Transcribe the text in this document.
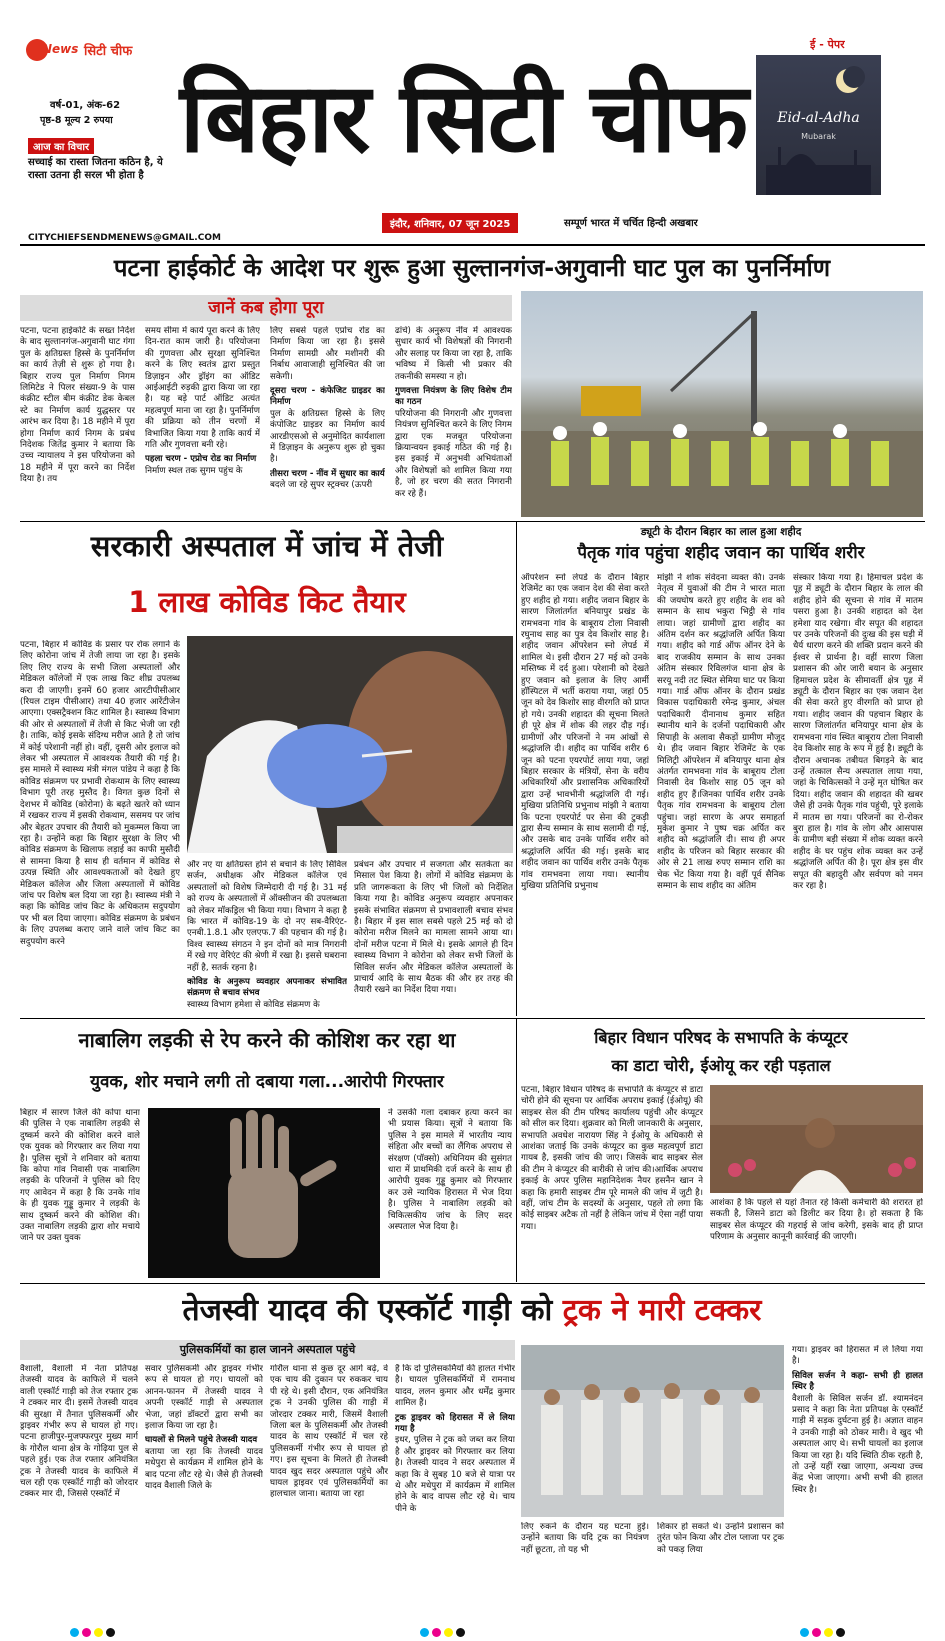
News सिटी चीफ
वर्ष-01, अंक-62
पृष्ठ-8 मूल्य 2 रुपया
आज का विचार
सच्चाई का रास्ता जितना कठिन है, ये रास्ता उतना ही सरल भी होता है
CITYCHIEFSENDMENEWS@GMAIL.COM
बिहार सिटी चीफ
इंदौर, शनिवार, 07 जून 2025	सम्पूर्ण भारत में चर्चित हिन्दी अखबार
ई - पेपर
Eid-al-Adha
Mubarak
पटना हाईकोर्ट के आदेश पर शुरू हुआ सुल्तानगंज-अगुवानी घाट पुल का पुनर्निर्माण
जानें कब होगा पूरा
पटना, पटना हाईकोर्ट के सख्त निर्देश के बाद सुल्तानगंज-अगुवानी घाट गंगा पुल के क्षतिग्रस्त हिस्से के पुनर्निर्माण का कार्य तेज़ी से शुरू हो गया है। बिहार राज्य पुल निर्माण निगम लिमिटेड ने पिलर संख्या-9 के पास कंक्रीट स्टील बीम कंक्रीट डेक केबल स्टे का निर्माण कार्य युद्धस्तर पर आरंभ कर दिया है। 18 महीने में पूरा होगा निर्माण कार्य निगम के प्रबंध निदेशक जितेंद्र कुमार ने बताया कि उच्च न्यायालय ने इस परियोजना को 18 महीने में पूरा करने का निर्देश दिया है। तय
समय सीमा में कार्य पूरा करने के लिए दिन-रात काम जारी है। परियोजना की गुणवत्ता और सुरक्षा सुनिश्चित करने के लिए स्वतंत्र द्वारा प्रस्तुत डिज़ाइन और ड्रॉइंग का ऑडिट आईआईटी रुड़की द्वारा किया जा रहा है। यह बड़े पार्ट ऑडिट अत्यंत महत्वपूर्ण माना जा रहा है। पुनर्निर्माण की प्रक्रिया को तीन चरणों में विभाजित किया गया है ताकि कार्य में गति और गुणवत्ता बनी रहे।
पहला चरण - एप्रोच रोड का निर्माण
निर्माण स्थल तक सुगम पहुंच के
लिए सबसे पहले एप्रोच रोड का निर्माण किया जा रहा है। इससे निर्माण सामग्री और मशीनरी की निर्बाध आवाजाही सुनिश्चित की जा सकेगी।
दूसरा चरण - कंफेजिट ग्राइडर का निर्माण
पुल के क्षतिग्रस्त हिस्से के लिए कंपोजिट ग्राइडर का निर्माण कार्य आरडीएसओ से अनुमोदित कार्यशाला में डिज़ाइन के अनुरूप शुरू हो चुका है।
तीसरा चरण - नींव में सुधार का कार्य
बदले जा रहे सुपर स्ट्रक्चर (ऊपरी
ढांचे) के अनुरूप नींव में आवश्यक सुधार कार्य भी विशेषज्ञों की निगरानी और सलाह पर किया जा रहा है, ताकि भविष्य में किसी भी प्रकार की तकनीकी समस्या न हो।
गुणवत्ता नियंत्रण के लिए विशेष टीम का गठन
परियोजना की निगरानी और गुणवत्ता नियंत्रण सुनिश्चित करने के लिए निगम द्वारा एक मजबूत परियोजना क्रियान्वयन इकाई गठित की गई है। इस इकाई में अनुभवी अभियंताओं और विशेषज्ञों को शामिल किया गया है, जो हर चरण की सतत निगरानी कर रहे हैं।
सरकारी अस्पताल में जांच में तेजी
1 लाख कोविड किट तैयार
पटना, बिहार में कोविड के प्रसार पर रोक लगाने के लिए कोरोना जांच में तेजी लाया जा रहा है। इसके लिए लिए राज्य के सभी जिला अस्पतालों और मेडिकल कॉलेजों में एक लाख किट शीघ्र उपलब्ध करा दी जाएगी। इनमें 60 हजार आरटीपीसीआर (रियल टाइम पीसीआर) तथा 40 हजार आरेंटीजेन आएगा। एक्सट्रैक्शन किट शामिल है। स्वास्थ्य विभाग की ओर से अस्पतालों में तेजी से किट भेजी जा रही है। ताकि, कोई इसके संदिग्ध मरीज आते है तो जांच में कोई परेशानी नहीं हो। वहीं, दूसरी ओर इलाज को लेकर भी अस्पताल में आवश्यक तैयारी की गई है। इस मामले में स्वास्थ्य मंत्री मंगल पांडेय ने कहा है कि कोविड संक्रमण पर प्रभावी रोकथाम के लिए स्वास्थ्य विभाग पूरी तरह मुस्तैद है। विगत कुछ दिनों से देशभर में कोविड (कोरोना) के बढ़ते खतरे को ध्यान में रखकर राज्य में इसकी रोकथाम, ससमय पर जांच और बेहतर उपचार की तैयारी को मुकम्मल किया जा रहा है। उन्होंने कहा कि बिहार सुरक्षा के लिए भी कोविड संक्रमण के खिलाफ लड़ाई का काफी मुस्तैदी से सामना किया है साथ ही वर्तमान में कोविड से उत्पन्न स्थिति और आवश्यकताओं को देखते हुए मेडिकल कॉलेज और जिला अस्पतालों में कोविड जांच पर विशेष बल दिया जा रहा है। स्वास्थ्य मंत्री ने कहा कि कोविड जांच किट के अधिकतम सदुपयोग पर भी बल दिया जाएगा। कोविड संक्रमण के प्रबंधन के लिए उपलब्ध कराए जाने वाले जांच किट का सदुपयोग करने
और नए या क्षतिग्रस्त होने से बचाने के लिए सिविल सर्जन, अधीक्षक और मेडिकल कॉलेज एवं अस्पतालों को विशेष जिम्मेदारी दी गई है। 31 मई को राज्य के अस्पतालों में ऑक्सीजन की उपलब्धता को लेकर मॉकड्रिल भी किया गया। विभाग ने कहा है कि भारत में कोविड-19 के दो नए सब-वैरिएंट- एनबी.1.8.1 और एलएफ.7 की पहचान की गई है। विश्व स्वास्थ्य संगठन ने इन दोनों को मात्र निगरानी में रखे गए वेरिएंट की श्रेणी में रखा है। इससे घबराना नहीं है, सतर्क रहना है।
कोविड के अनुरूप व्यवहार अपनाकर संभावित संक्रमण से बचाव संभव
स्वास्थ्य विभाग हमेशा से कोविड संक्रमण के
प्रबंधन और उपचार में सजगता और सतर्कता का मिसाल पेश किया है। लोगों में कोविड संक्रमण के प्रति जागरूकता के लिए भी जिलों को निर्देशित किया गया है। कोविड अनुरूप व्यवहार अपनाकर इसके संभावित संक्रमण से प्रभावशाली बचाव संभव है। बिहार में इस साल सबसे पहले 25 मई को दो कोरोना मरीज मिलने का मामला सामने आया था। दोनों मरीज पटना में मिले थे। इसके आगले ही दिन स्वास्थ्य विभाग ने कोरोना को लेकर सभी जिलों के सिविल सर्जन और मेडिकल कॉलेज अस्पतालों के प्राचार्य आदि के साथ बैठक की और हर तरह की तैयारी रखने का निर्देश दिया गया।
ड्यूटी के दौरान बिहार का लाल हुआ शहीद
पैतृक गांव पहुंचा शहीद जवान का पार्थिव शरीर
ऑपरेशन स्नो लेपर्ड के दौरान बिहार रेजिमेंट का एक जवान देश की सेवा करते हुए शहीद हो गया। शहीद जवान बिहार के सारण जिलांतर्गत बनियापुर प्रखंड के रामभवना गांव के बाबूराय टोला निवासी रघुनाथ साह का पुत्र देव किशोर साह है। शहीद जवान ऑपरेशन स्नो लेपर्ड में शामिल थे। इसी दौरान 27 मई को उनके मस्तिष्क में दर्द हुआ। परेशानी को देखते हुए जवान को इलाज के लिए आर्मी हॉस्पिटल में भर्ती कराया गया, जहां 05 जून को देव किशोर साह वीरगति को प्राप्त हो गये। उनकी शहादत की सूचना मिलते ही पूरे क्षेत्र में शोक की लहर दौड़ गई। ग्रामीणों और परिजनों ने नम आंखों से श्रद्धांजलि दी। शहीद का पार्थिव शरीर 6 जून को पटना एयरपोर्ट लाया गया, जहां बिहार सरकार के मंत्रियों, सेना के वरीय अधिकारियों और प्रशासनिक अधिकारियों द्वारा उन्हें भावभीनी श्रद्धांजलि दी गई। मुखिया प्रतिनिधि प्रभुनाथ मांझी ने बताया कि पटना एयरपोर्ट पर सेना की टुकड़ी द्वारा सैन्य सम्मान के साथ सलामी दी गई, और उसके बाद उनके पार्थिव शरीर को श्रद्धांजलि अर्पित की गई। इसके बाद शहीद जवान का पार्थिव शरीर उनके पैतृक गांव रामभवना लाया गया। स्थानीय मुखिया प्रतिनिधि प्रभुनाथ
मांझी ने शोक संवेदना व्यक्त की। उनके नेतृत्व में युवाओं की टीम ने भारत माता की जयघोष करते हुए शहीद के शव को सम्मान के साथ भकुरा भिट्ठी से गांव लाया। जहां ग्रामीणों द्वारा शहीद का अंतिम दर्शन कर श्रद्धांजलि अर्पित किया गया। शहीद को गार्ड ऑफ ऑनर देने के बाद राजकीय सम्मान के साथ उनका अंतिम संस्कार रिविलगंज थाना क्षेत्र के सरयू नदी तट स्थित सेमिया घाट पर किया गया। गार्ड ऑफ ऑनर के दौरान प्रखंड विकास पदाधिकारी रमेन्द्र कुमार, अंचल पदाधिकारी दीनानाथ कुमार सहित स्थानीय थाने के दर्जनों पदाधिकारी और सिपाही के अलावा सैकड़ों ग्रामीण मौजूद थे। हीद जवान बिहार रेजिमेंट के एक मिलिट्री ऑपरेशन में बनियापुर थाना क्षेत्र अंतर्गत रामभवना गांव के बाबूराय टोला निवासी देव किशोर साह 05 जून को शहीद हुए हैं।जिनका पार्थिव शरीर उनके पैतृक गांव रामभवना के बाबूराय टोला पहुंचा। जहां सारण के अपर समाहर्ता मुकेश कुमार ने पुष्प चक्र अर्पित कर शहीद को श्रद्धांजलि दी। साथ ही अपर शहीद के परिजन को बिहार सरकार की ओर से 21 लाख रुपए सम्मान राशि का चेक भेंट किया गया है। वहीं पूर्व सैनिक सम्मान के साथ शहीद का अंतिम
संस्कार किया गया है। हिमाचल प्रदेश के पूह में ड्यूटी के दौरान बिहार के लाल की शहीद होने की सूचना से गांव में मातम पसरा हुआ है। उनकी शहादत को देश हमेशा याद रखेगा। वीर सपूत की शहादत पर उनके परिजनों की दुःख की इस घड़ी में धैर्य धारण करने की शक्ति प्रदान करने की ईश्वर से प्रार्थना है। वहीं सारण जिला प्रशासन की ओर जारी बयान के अनुसार हिमाचल प्रदेश के सीमावर्ती क्षेत्र पूह में ड्यूटी के दौरान बिहार का एक जवान देश की सेवा करते हुए वीरगति को प्राप्त हो गया। शहीद जवान की पहचान बिहार के सारण जिलांतर्गत बनियापुर थाना क्षेत्र के रामभवना गांव स्थित बाबूराय टोला निवासी देव किशोर साह के रूप में हुई है। ड्यूटी के दौरान अचानक तबीयत बिगड़ने के बाद उन्हें तत्काल सैन्य अस्पताल लाया गया, जहां के चिकित्सकों ने उन्हें मृत घोषित कर दिया। शहीद जवान की शहादत की खबर जैसे ही उनके पैतृक गांव पहुंची, पूरे इलाके में मातम छा गया। परिजनों का रो-रोकर बुरा हाल है। गांव के लोग और आसपास के ग्रामीण बड़ी संख्या में शोक व्यक्त करने शहीद के घर पहुंच शोक व्यक्त कर उन्हें श्रद्धांजलि अर्पित की है। पूरा क्षेत्र इस वीर सपूत की बहादुरी और सर्वपण को नमन कर रहा है।
नाबालिग लड़की से रेप करने की कोशिश कर रहा था
युवक, शोर मचाने लगी तो दबाया गला...आरोपी गिरफ्तार
बिहार में सारण जिले की कोपा थाना की पुलिस ने एक नाबालिग लड़की से दुष्कर्म करने की कोशिश करने वाले एक युवक को गिरफ्तार कर लिया गया है। पुलिस सूत्रों ने शनिवार को बताया कि कोपा गांव निवासी एक नाबालिग लड़की के परिजनों ने पुलिस को दिए गए आवेदन में कहा है कि उनके गांव के ही युवक गुड्डू कुमार ने लड़की के साथ दुष्कर्म करने की कोशिश की। उक्त नाबालिग लड़की द्वारा शोर मचाये जाने पर उक्त युवक
ने उसकी गला दबाकर हत्या करने का भी प्रयास किया। सूत्रों ने बताया कि पुलिस ने इस मामले में भारतीय न्याय संहिता और बच्चों का लैंगिक अपराध से संरक्षण (पॉक्सो) अधिनियम की सुसंगत धारा में प्राथमिकी दर्ज करने के साथ ही आरोपी युवक गुड्डू कुमार को गिरफ्तार कर उसे न्यायिक हिरासत में भेज दिया है। पुलिस ने नाबालिग लड़की को चिकित्सकीय जांच के लिए सदर अस्पताल भेज दिया है।
बिहार विधान परिषद के सभापति के कंप्यूटर
का डाटा चोरी, ईओयू कर रही पड़ताल
पटना, बिहार विधान परिषद के सभापति के कंप्यूटर से डाटा चोरी होने की सूचना पर आर्थिक अपराध इकाई (ईओयू) की साइबर सेल की टीम परिषद कार्यालय पहुंची और कंप्यूटर को सील कर दिया। शुक्रवार को मिली जानकारी के अनुसार, सभापति अवधेश नारायण सिंह ने ईओयू के अधिकारी से आशंका जताई कि उनके कंप्यूटर का कुछ महत्वपूर्ण डाटा गायब है, इसकी जांच की जाए। जिसके बाद साइबर सेल की टीम ने कंप्यूटर की बारीकी से जांच की।आर्थिक अपराध इकाई के अपर पुलिस महानिदेशक नैयर हसनैन खान ने कहा कि हमारी साइबर टीम पूरे मामले की जांच में जुटी है। वहीं, जांच टीम के सदस्यों के अनुसार, पहले तो लगा कि कोई साइबर अटैक तो नहीं है लेकिन जांच में ऐसा नहीं पाया गया।
आशंका है कि पहले से यहां तैनात रहे किसी कर्मचारी की शरारत हो सकती है, जिसने डाटा को डिलीट कर दिया है। हो सकता है कि साइबर सेल कंप्यूटर की गहराई से जांच करेगी, इसके बाद ही प्राप्त परिणाम के अनुसार कानूनी कार्रवाई की जाएगी।
तेजस्वी यादव की एस्कॉर्ट गाड़ी को ट्रक ने मारी टक्कर
पुलिसकर्मियों का हाल जानने अस्पताल पहुंचे
वैशाली, वैशाली में नेता प्रतिपक्ष तेजस्वी यादव के काफिले में चलने वाली एस्कॉर्ट गाड़ी को तेज रफ्तार ट्रक ने टक्कर मार दी। इसमें तेजस्वी यादव की सुरक्षा में तैनात पुलिसकर्मी और ड्राइवर गंभीर रूप से घायल हो गए। पटना हाजीपुर-मुजफ्फरपुर मुख्य मार्ग के गोरौल थाना क्षेत्र के गोढ़िया पुल से पहले हुई। एक तेज रफ्तार अनियंत्रित ट्रक ने तेजस्वी यादव के काफिले में चल रही एक एस्कॉर्ट गाड़ी को जोरदार टक्कर मार दी, जिससे एस्कॉर्ट में
सवार पुलिसकर्मी और ड्राइवर गंभीर रूप से घायल हो गए। घायलों को आनन-फानन में तेजस्वी यादव ने अपनी एस्कॉर्ट गाड़ी से अस्पताल भेजा, जहां डॉक्टरों द्वारा सभी का इलाज किया जा रहा है।
घायलों से मिलने पहुंचे तेजस्वी यादव
बताया जा रहा कि तेजस्वी यादव मधेपुरा से कार्यक्रम में शामिल होने के बाद पटना लौट रहे थे। जैसे ही तेजस्वी यादव वैशाली जिले के
गोरौल थाना से कुछ दूर आगे बढ़े, वे एक चाय की दुकान पर रुककर चाय पी रहे थे। इसी दौरान, एक अनियंत्रित ट्रक ने उनकी पुलिस की गाड़ी में जोरदार टक्कर मारी, जिसमें वैशाली जिला बल के पुलिसकर्मी और तेजस्वी यादव के साथ एस्कॉर्ट में चल रहे पुलिसकर्मी गंभीर रूप से घायल हो गए। इस सूचना के मिलते ही तेजस्वी यादव खुद सदर अस्पताल पहुंचे और घायल ड्राइवर एवं पुलिसकर्मियों का हालचाल जाना। बताया जा रहा
है कि दो पुलिसकर्मियों की हालत गंभीर है। घायल पुलिसकर्मियों में रामनाथ यादव, ललन कुमार और धर्मेंद्र कुमार शामिल हैं।
ट्रक ड्राइवर को हिरासत में ले लिया गया है
इधर, पुलिस ने ट्रक को जब्त कर लिया है और ड्राइवर को गिरफ्तार कर लिया है। तेजस्वी यादव ने सदर अस्पताल में कहा कि वे सुबह 10 बजे से यात्रा पर थे और मधेपुरा में कार्यक्रम में शामिल होने के बाद वापस लौट रहे थे। चाय पीने के
लिए रुकने के दौरान यह घटना हुई। उन्होंने बताया कि यदि ट्रक का नियंत्रण नहीं छूटता, तो यह भी
शिकार हो सकते थे। उन्होंने प्रशासन को तुरंत फोन किया और टोल प्लाजा पर ट्रक को पकड़ लिया
गया। ड्राइवर को हिरासत में ले लिया गया है।
सिविल सर्जन ने कहा- सभी ही हालत स्थिर है
वैशाली के सिविल सर्जन डॉ. श्यामनंदन प्रसाद ने कहा कि नेता प्रतिपक्ष के एस्कॉर्ट गाड़ी में सड़क दुर्घटना हुई है। अज्ञात वाहन ने उनकी गाड़ी को ठोकर मारी। वे खुद भी अस्पताल आए थे। सभी घायलों का इलाज किया जा रहा है। यदि स्थिति ठीक रहती है, तो उन्हें यहीं रखा जाएगा, अन्यथा उच्च केंद्र भेजा जाएगा। अभी सभी की हालत स्थिर है।
